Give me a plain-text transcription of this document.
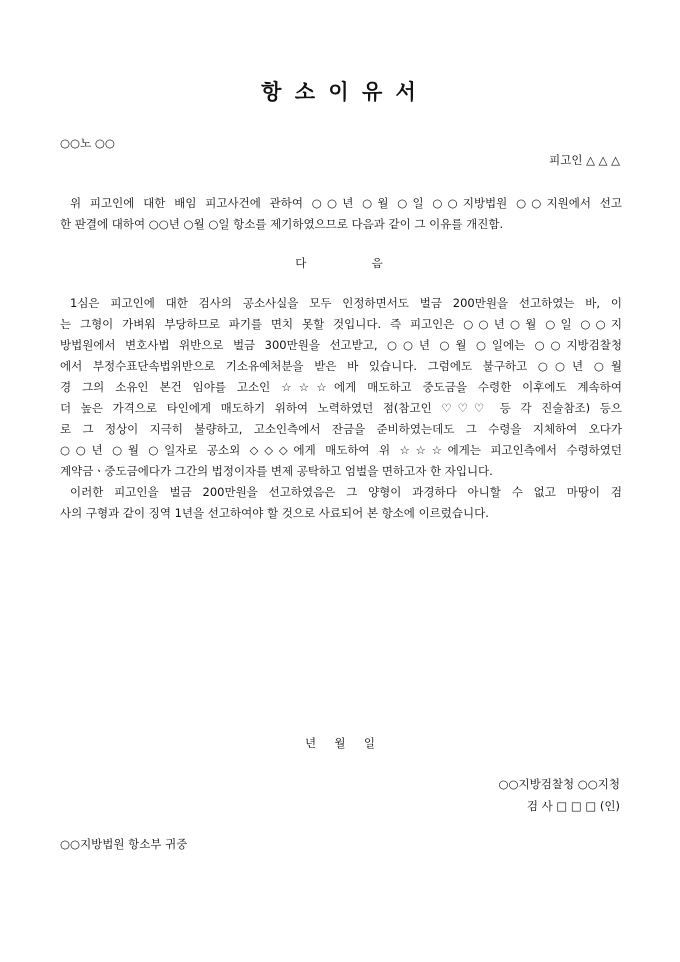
항 소 이 유 서
○○노 ○○
피고인 △ △ △
위 피고인에 대한 배임 피고사건에 관하여 ○○년 ○월 ○일 ○○지방법원 ○○지원에서 선고
한 판결에 대하여 ○○년 ○월 ○일 항소를 제기하였으므로 다음과 같이 그 이유를 개진함.
다	음
1심은 피고인에 대한 검사의 공소사실을 모두 인정하면서도 벌금 200만원을 선고하였는 바, 이
는 그형이 가벼워 부당하므로 파기를 면치 못할 것입니다. 즉 피고인은 ○○년○월 ○일 ○○지
방법원에서 변호사법 위반으로 벌금 300만원을 선고받고, ○○년 ○월 ○일에는 ○○지방검찰청
에서 부정수표단속법위반으로 기소유예처분을 받은 바 있습니다. 그럼에도 불구하고 ○○년 ○월
경 그의 소유인 본건 임야를 고소인 ☆☆☆에게 매도하고 중도금을 수령한 이후에도 계속하여
더 높은 가격으로 타인에게 매도하기 위하여 노력하였던 점(참고인 ♡♡♡ 등 각 진술참조) 등으
로 그 정상이 지극히 불량하고, 고소인측에서 잔금을 준비하였는데도 그 수령을 지체하여 오다가
○○년 ○월 ○일자로 공소외 ◇◇◇에게 매도하여 위 ☆☆☆에게는 피고인측에서 수령하였던
계약금ㆍ중도금에다가 그간의 법정이자를 변제 공탁하고 엄벌을 면하고자 한 자입니다.
이러한 피고인을 벌금 200만원을 선고하였음은 그 양형이 과경하다 아니할 수 없고 마땅이 검
사의 구형과 같이 징역 1년을 선고하여야 할 것으로 사료되어 본 항소에 이르렀습니다.
년     월     일
○○지방검찰청 ○○지청
검 사 □ □ □ (인)
○○지방법원 항소부 귀중
